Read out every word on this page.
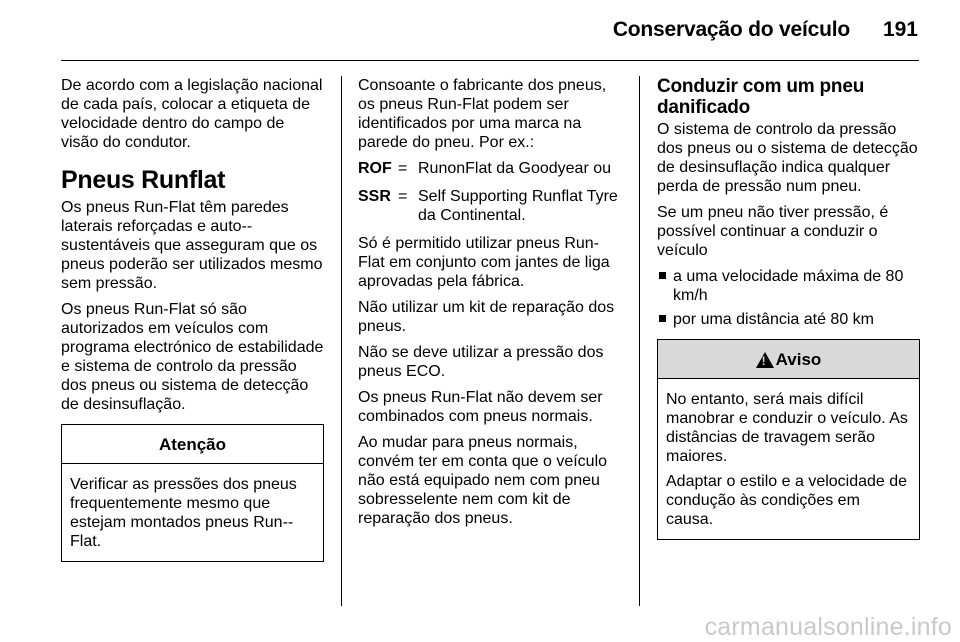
Conservação do veículo 191

De acordo com a legislação nacional de cada país, colocar a etiqueta de velocidade dentro do campo de visão do condutor.

Pneus Runflat

Os pneus Run-Flat têm paredes laterais reforçadas e auto--sustentáveis que asseguram que os pneus poderão ser utilizados mesmo sem pressão.

Os pneus Run-Flat só são autorizados em veículos com programa electrónico de estabilidade e sistema de controlo da pressão dos pneus ou sistema de detecção de desinsuflação.

Atenção

Verificar as pressões dos pneus frequentemente mesmo que estejam montados pneus Run--Flat.

Consoante o fabricante dos pneus, os pneus Run-Flat podem ser identificados por uma marca na parede do pneu. Por ex.:

ROF = RunonFlat da Goodyear ou
SSR = Self Supporting Runflat Tyre da Continental.

Só é permitido utilizar pneus Run-Flat em conjunto com jantes de liga aprovadas pela fábrica.

Não utilizar um kit de reparação dos pneus.

Não se deve utilizar a pressão dos pneus ECO.

Os pneus Run-Flat não devem ser combinados com pneus normais.

Ao mudar para pneus normais, convém ter em conta que o veículo não está equipado nem com pneu sobresselente nem com kit de reparação dos pneus.

Conduzir com um pneu danificado

O sistema de controlo da pressão dos pneus ou o sistema de detecção de desinsuflação indica qualquer perda de pressão num pneu.

Se um pneu não tiver pressão, é possível continuar a conduzir o veículo

a uma velocidade máxima de 80 km/h
por uma distância até 80 km
!
Aviso

No entanto, será mais difícil manobrar e conduzir o veículo. As distâncias de travagem serão maiores.

Adaptar o estilo e a velocidade de condução às condições em causa.

carmanualsonline.info
